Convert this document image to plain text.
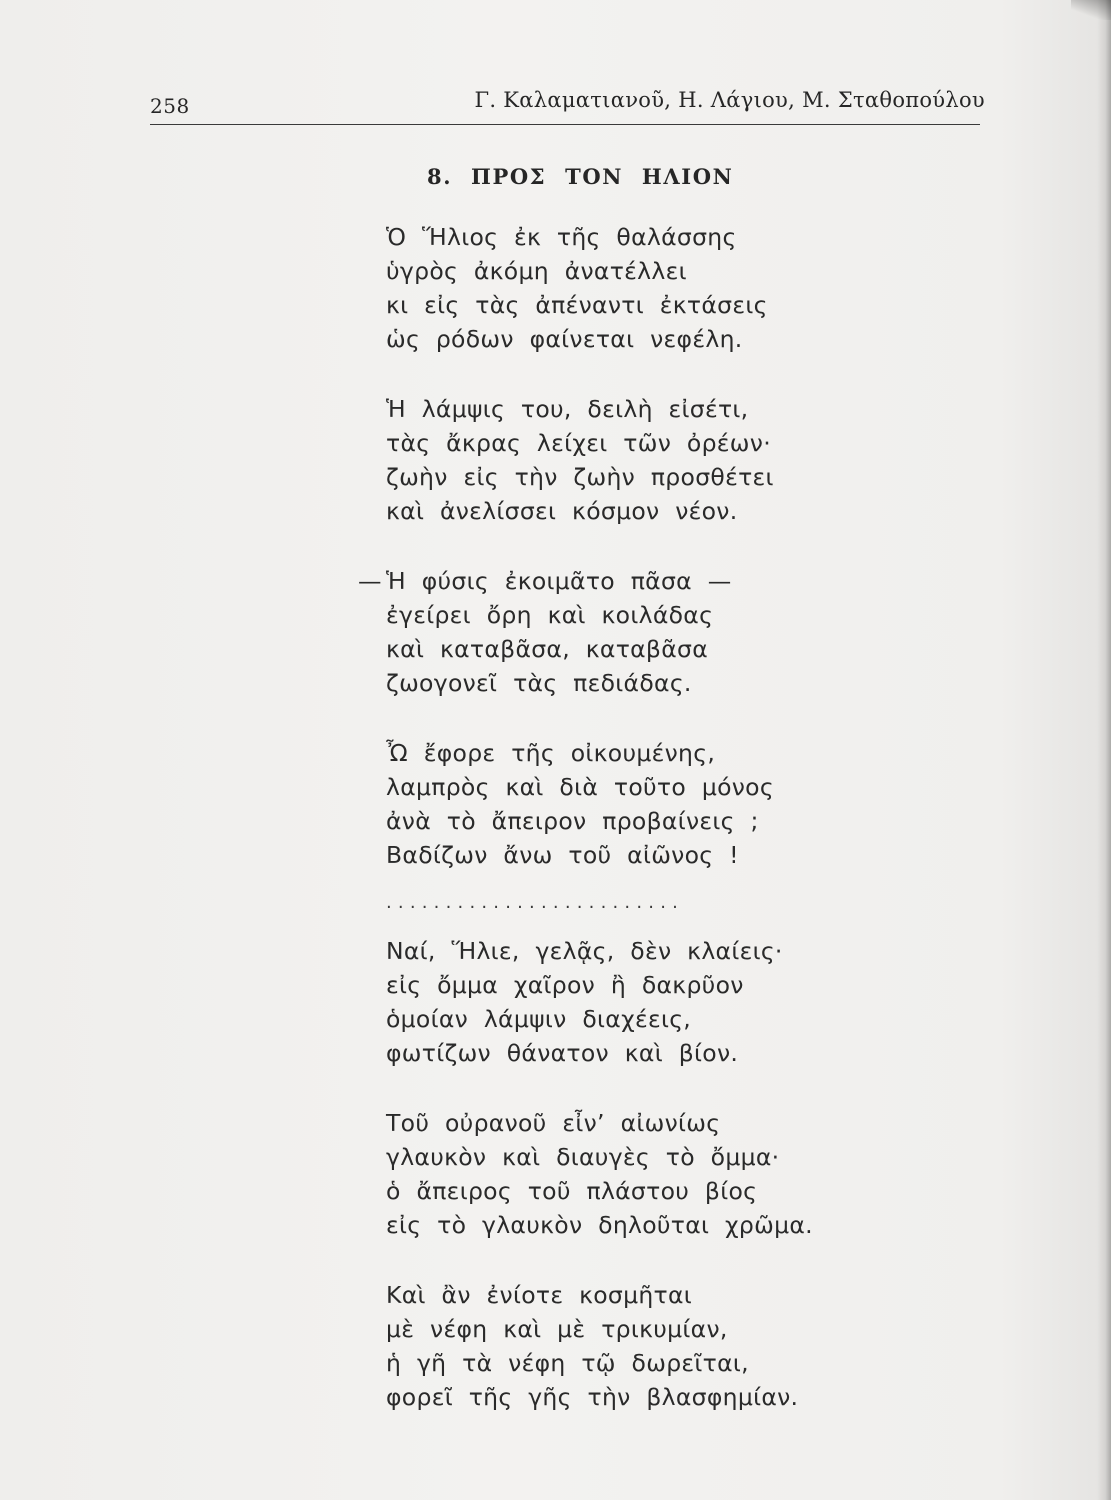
258	Γ. Καλαματιανοῦ, Η. Λάγιου, Μ. Σταθοπούλου
8. ΠΡΟΣ ΤΟΝ ΗΛΙΟΝ
Ὁ Ἥλιος ἐκ τῆς θαλάσσης
ὑγρὸς ἀκόμη ἀνατέλλει
κι εἰς τὰς ἀπέναντι ἐκτάσεις
ὡς ρόδων φαίνεται νεφέλη.
Ἡ λάμψις του, δειλὴ εἰσέτι,
τὰς ἄκρας λείχει τῶν ὀρέων·
ζωὴν εἰς τὴν ζωὴν προσθέτει
καὶ ἀνελίσσει κόσμον νέον.
— Ἡ φύσις ἐκοιμᾶτο πᾶσα —
ἐγείρει ὄρη καὶ κοιλάδας
καὶ καταβᾶσα, καταβᾶσα
ζωογονεῖ τὰς πεδιάδας.
Ὦ ἔφορε τῆς οἰκουμένης,
λαμπρὸς καὶ διὰ τοῦτο μόνος
ἀνὰ τὸ ἄπειρον προβαίνεις ;
Βαδίζων ἄνω τοῦ αἰῶνος !
.........................
Ναί, Ἥλιε, γελᾷς, δὲν κλαίεις·
εἰς ὄμμα χαῖρον ἢ δακρῦον
ὁμοίαν λάμψιν διαχέεις,
φωτίζων θάνατον καὶ βίον.
Τοῦ οὐρανοῦ εἶν’ αἰωνίως
γλαυκὸν καὶ διαυγὲς τὸ ὄμμα·
ὁ ἄπειρος τοῦ πλάστου βίος
εἰς τὸ γλαυκὸν δηλοῦται χρῶμα.
Καὶ ἂν ἐνίοτε κοσμῆται
μὲ νέφη καὶ μὲ τρικυμίαν,
ἡ γῆ τὰ νέφη τῷ δωρεῖται,
φορεῖ τῆς γῆς τὴν βλασφημίαν.
